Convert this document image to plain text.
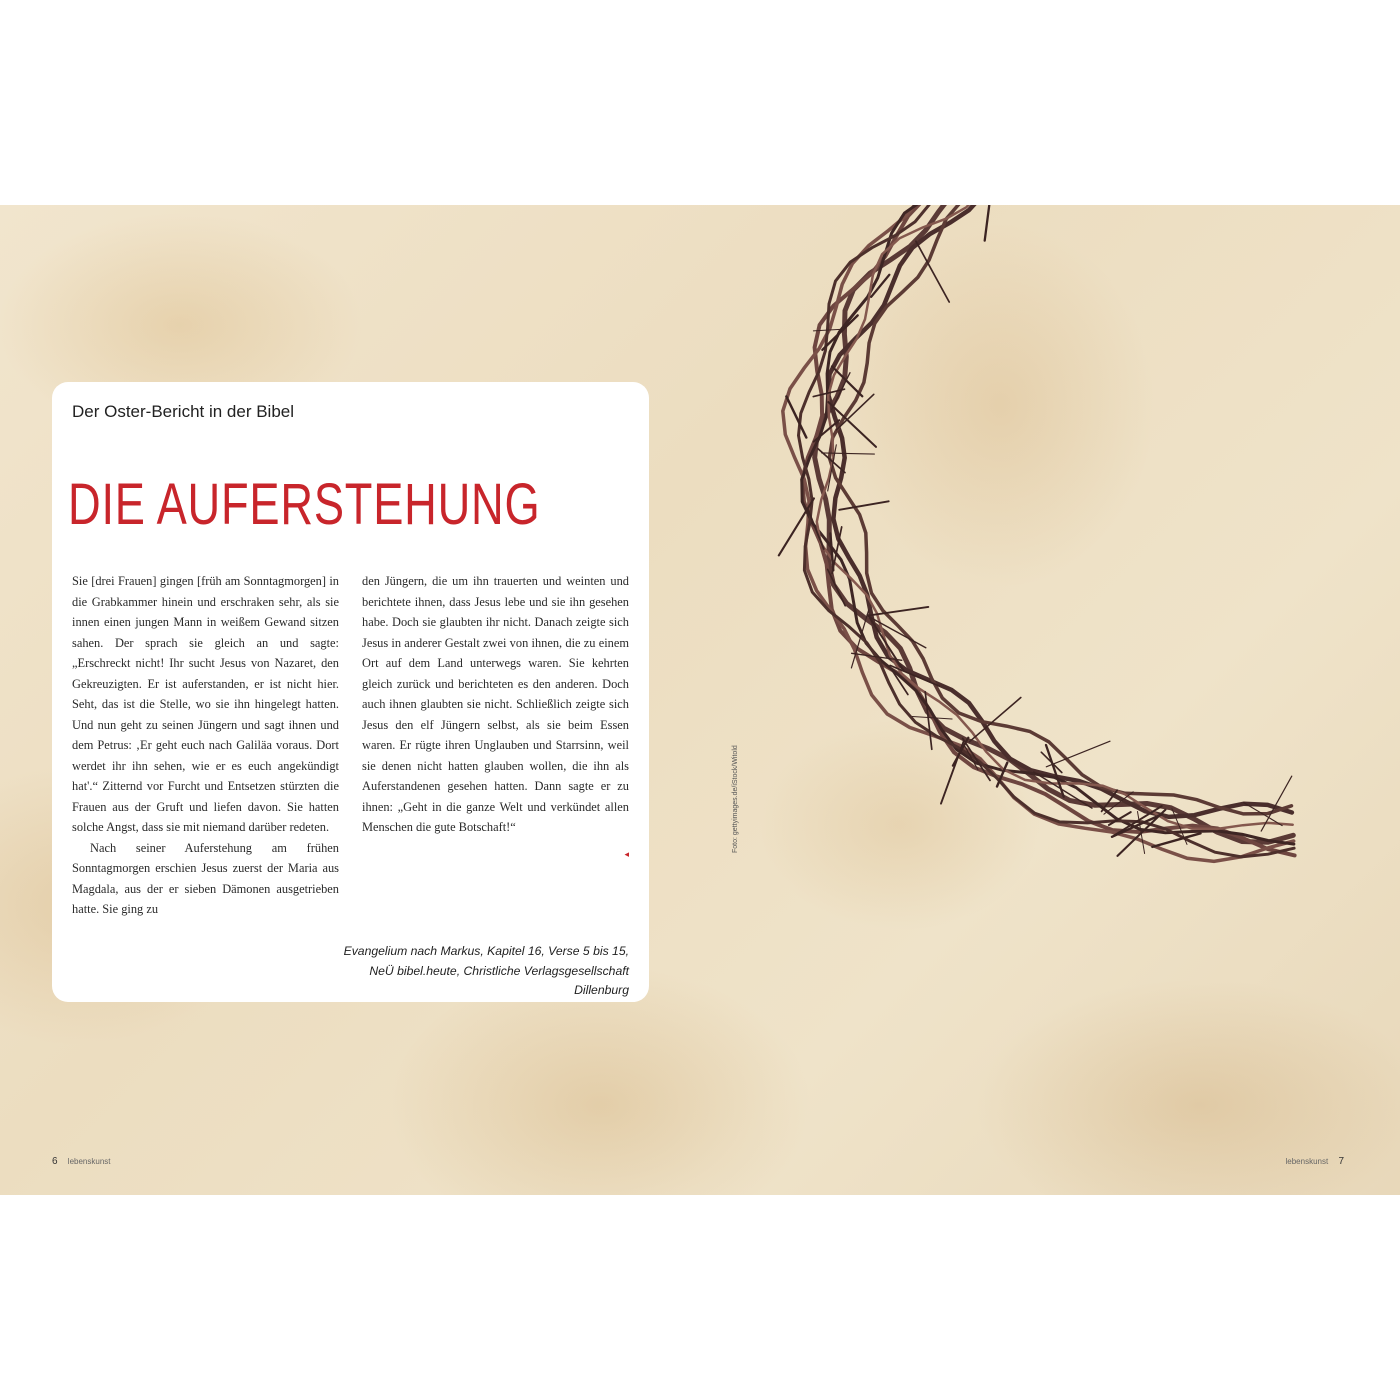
Der Oster-Bericht in der Bibel

DIE AUFERSTEHUNG

Sie [drei Frauen] gingen [früh am Sonntagmorgen] in die Grabkammer hinein und erschraken sehr, als sie innen einen jungen Mann in weißem Gewand sitzen sahen. Der sprach sie gleich an und sagte: „Erschreckt nicht! Ihr sucht Jesus von Nazaret, den Gekreuzigten. Er ist auferstanden, er ist nicht hier. Seht, das ist die Stelle, wo sie ihn hingelegt hatten. Und nun geht zu seinen Jüngern und sagt ihnen und dem Petrus: ‚Er geht euch nach Galiläa voraus. Dort werdet ihr ihn sehen, wie er es euch angekündigt hat'.“ Zitternd vor Furcht und Entsetzen stürzten die Frauen aus der Gruft und liefen davon. Sie hatten solche Angst, dass sie mit niemand darüber redeten.

Nach seiner Auferstehung am frühen Sonntagmorgen erschien Jesus zuerst der Maria aus Magdala, aus der er sieben Dämonen ausgetrieben hatte. Sie ging zu

den Jüngern, die um ihn trauerten und weinten und berichtete ihnen, dass Jesus lebe und sie ihn gesehen habe. Doch sie glaubten ihr nicht. Danach zeigte sich Jesus in anderer Gestalt zwei von ihnen, die zu einem Ort auf dem Land unterwegs waren. Sie kehrten gleich zurück und berichteten es den anderen. Doch auch ihnen glaubten sie nicht. Schließlich zeigte sich Jesus den elf Jüngern selbst, als sie beim Essen waren. Er rügte ihren Unglauben und Starrsinn, weil sie denen nicht hatten glauben wollen, die ihn als Auferstandenen gesehen hatten. Dann sagte er zu ihnen: „Geht in die ganze Welt und verkündet allen Menschen die gute Botschaft!“

◂

Evangelium nach Markus, Kapitel 16, Verse 5 bis 15, NeÜ bibel.heute, Christliche Verlagsgesellschaft Dillenburg

Foto: gettyimages.de/iStock/Witold
6 lebenskunst	lebenskunst 7
